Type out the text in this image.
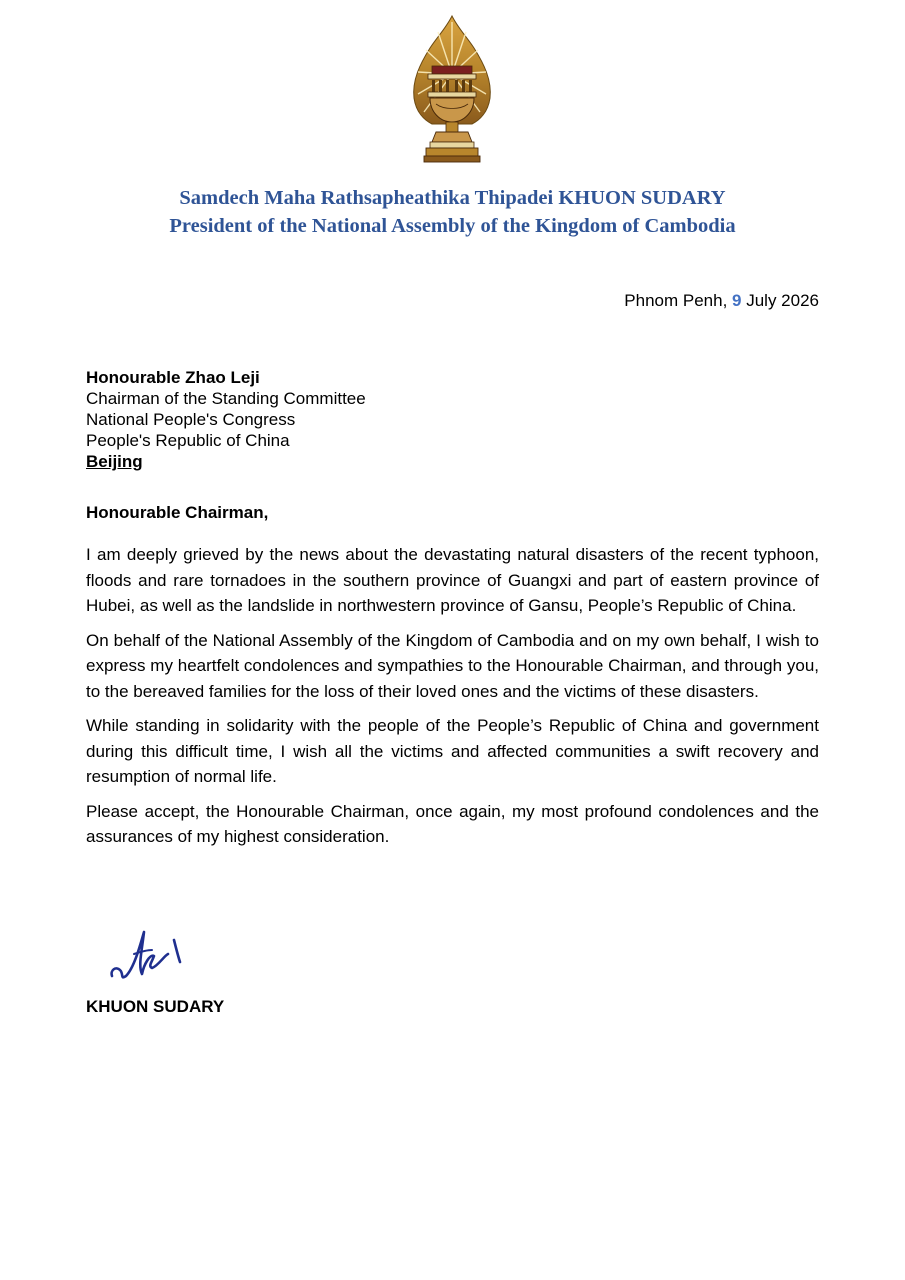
Samdech Maha Rathsapheathika Thipadei KHUON SUDARY
President of the National Assembly of the Kingdom of Cambodia
Phnom Penh, 9 July 2026
Honourable Zhao Leji
Chairman of the Standing Committee
National People's Congress
People's Republic of China
Beijing
Honourable Chairman,

I am deeply grieved by the news about the devastating natural disasters of the recent typhoon, floods and rare tornadoes in the southern province of Guangxi and part of eastern province of Hubei, as well as the landslide in northwestern province of Gansu, People’s Republic of China.

On behalf of the National Assembly of the Kingdom of Cambodia and on my own behalf, I wish to express my heartfelt condolences and sympathies to the Honourable Chairman, and through you, to the bereaved families for the loss of their loved ones and the victims of these disasters.

While standing in solidarity with the people of the People’s Republic of China and government during this difficult time, I wish all the victims and affected communities a swift recovery and resumption of normal life.

Please accept, the Honourable Chairman, once again, my most profound condolences and the assurances of my highest consideration.

KHUON SUDARY
